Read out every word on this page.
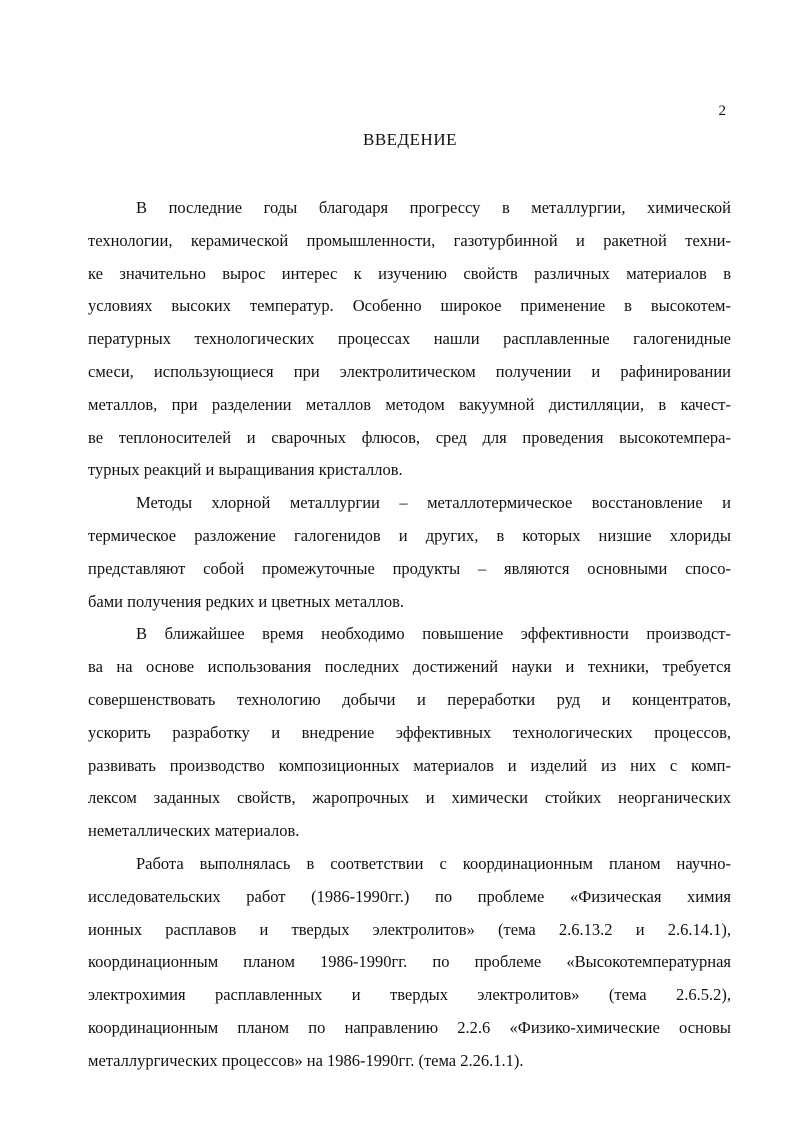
2
ВВЕДЕНИЕ

В последние годы благодаря прогрессу в металлургии, химической
технологии, керамической промышленности, газотурбинной и ракетной техни-
ке значительно вырос интерес к изучению свойств различных материалов в
условиях высоких температур. Особенно широкое применение в высокотем-
пературных технологических процессах нашли расплавленные галогенидные
смеси, использующиеся при электролитическом получении и рафинировании
металлов, при разделении металлов методом вакуумной дистилляции, в качест-
ве теплоносителей и сварочных флюсов, сред для проведения высокотемпера-
турных реакций и выращивания кристаллов.

Методы хлорной металлургии – металлотермическое восстановление и
термическое разложение галогенидов и других, в которых низшие хлориды
представляют собой промежуточные продукты – являются основными спосо-
бами получения редких и цветных металлов.

В ближайшее время необходимо повышение эффективности производст-
ва на основе использования последних достижений науки и техники, требуется
совершенствовать технологию добычи и переработки руд и концентратов,
ускорить разработку и внедрение эффективных технологических процессов,
развивать производство композиционных материалов и изделий из них с комп-
лексом заданных свойств, жаропрочных и химически стойких неорганических
неметаллических материалов.

Работа выполнялась в соответствии с координационным планом научно-
исследовательских работ (1986-1990гг.) по проблеме «Физическая химия
ионных расплавов и твердых электролитов» (тема 2.6.13.2 и 2.6.14.1),
координационным планом 1986-1990гг. по проблеме «Высокотемпературная
электрохимия расплавленных и твердых электролитов» (тема 2.6.5.2),
координационным планом по направлению 2.2.6 «Физико-химические основы
металлургических процессов» на 1986-1990гг. (тема 2.26.1.1).
